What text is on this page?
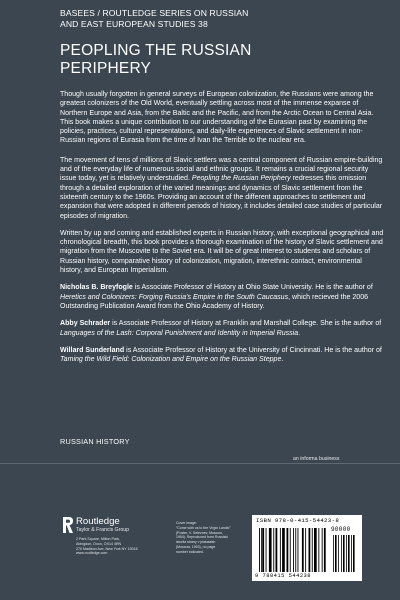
BASEES / ROUTLEDGE SERIES ON RUSSIAN
AND EAST EUROPEAN STUDIES 38
PEOPLING THE RUSSIAN
PERIPHERY

Though usually forgotten in general surveys of European colonization, the Russians were among the greatest colonizers of the Old World, eventually settling across most of the immense expanse of Northern Europe and Asia, from the Baltic and the Pacific, and from the Arctic Ocean to Central Asia. This book makes a unique contribution to our understanding of the Eurasian past by examining the policies, practices, cultural representations, and daily-life experiences of Slavic settlement in non-Russian regions of Eurasia from the time of Ivan the Terrible to the nuclear era.

The movement of tens of millions of Slavic settlers was a central component of Russian empire-building and of the everyday life of numerous social and ethnic groups. It remains a crucial regional security issue today, yet is relatively understudied. Peopling the Russian Periphery redresses this omission through a detailed exploration of the varied meanings and dynamics of Slavic settlement from the sixteenth century to the 1960s. Providing an account of the different approaches to settlement and expansion that were adopted in different periods of history, it includes detailed case studies of particular episodes of migration.

Written by up and coming and established experts in Russian history, with exceptional geographical and chronological breadth, this book provides a thorough examination of the history of Slavic settlement and migration from the Muscovite to the Soviet era. It will be of great interest to students and scholars of Russian history, comparative history of colonization, migration, interethnic contact, environmental history, and European Imperialism.

Nicholas B. Breyfogle is Associate Professor of History at Ohio State University. He is the author of Heretics and Colonizers: Forging Russia's Empire in the South Caucasus, which recieved the 2006 Outstanding Publication Award from the Ohio Academy of History.

Abby Schrader is Associate Professor of History at Franklin and Marshall College. She is the author of Languages of the Lash: Corporal Punishment and Identity in Imperial Russia.

Willard Sunderland is Associate Professor of History at the University of Cincinnati. He is the author of Taming the Wild Field: Colonization and Empire on the Russian Steppe.

RUSSIAN HISTORY
an informa business
Routledge
Taylor & Francis Group
2 Park Square, Milton Park,
Abingdon, Oxon, OX14 4RN
270 Madison Ave, New York NY 10016
www.routledge.com
Cover image:
"Come with us to the Virgin Lands!"
(Poster, V. Seleznev, Moscow,
1954). Reproduced from Rossiski
istoriia strany v plakatakh
(Moscow, 1993), no page
number indicated.
ISBN 978-0-415-54423-8
90000
9 780415 544238
